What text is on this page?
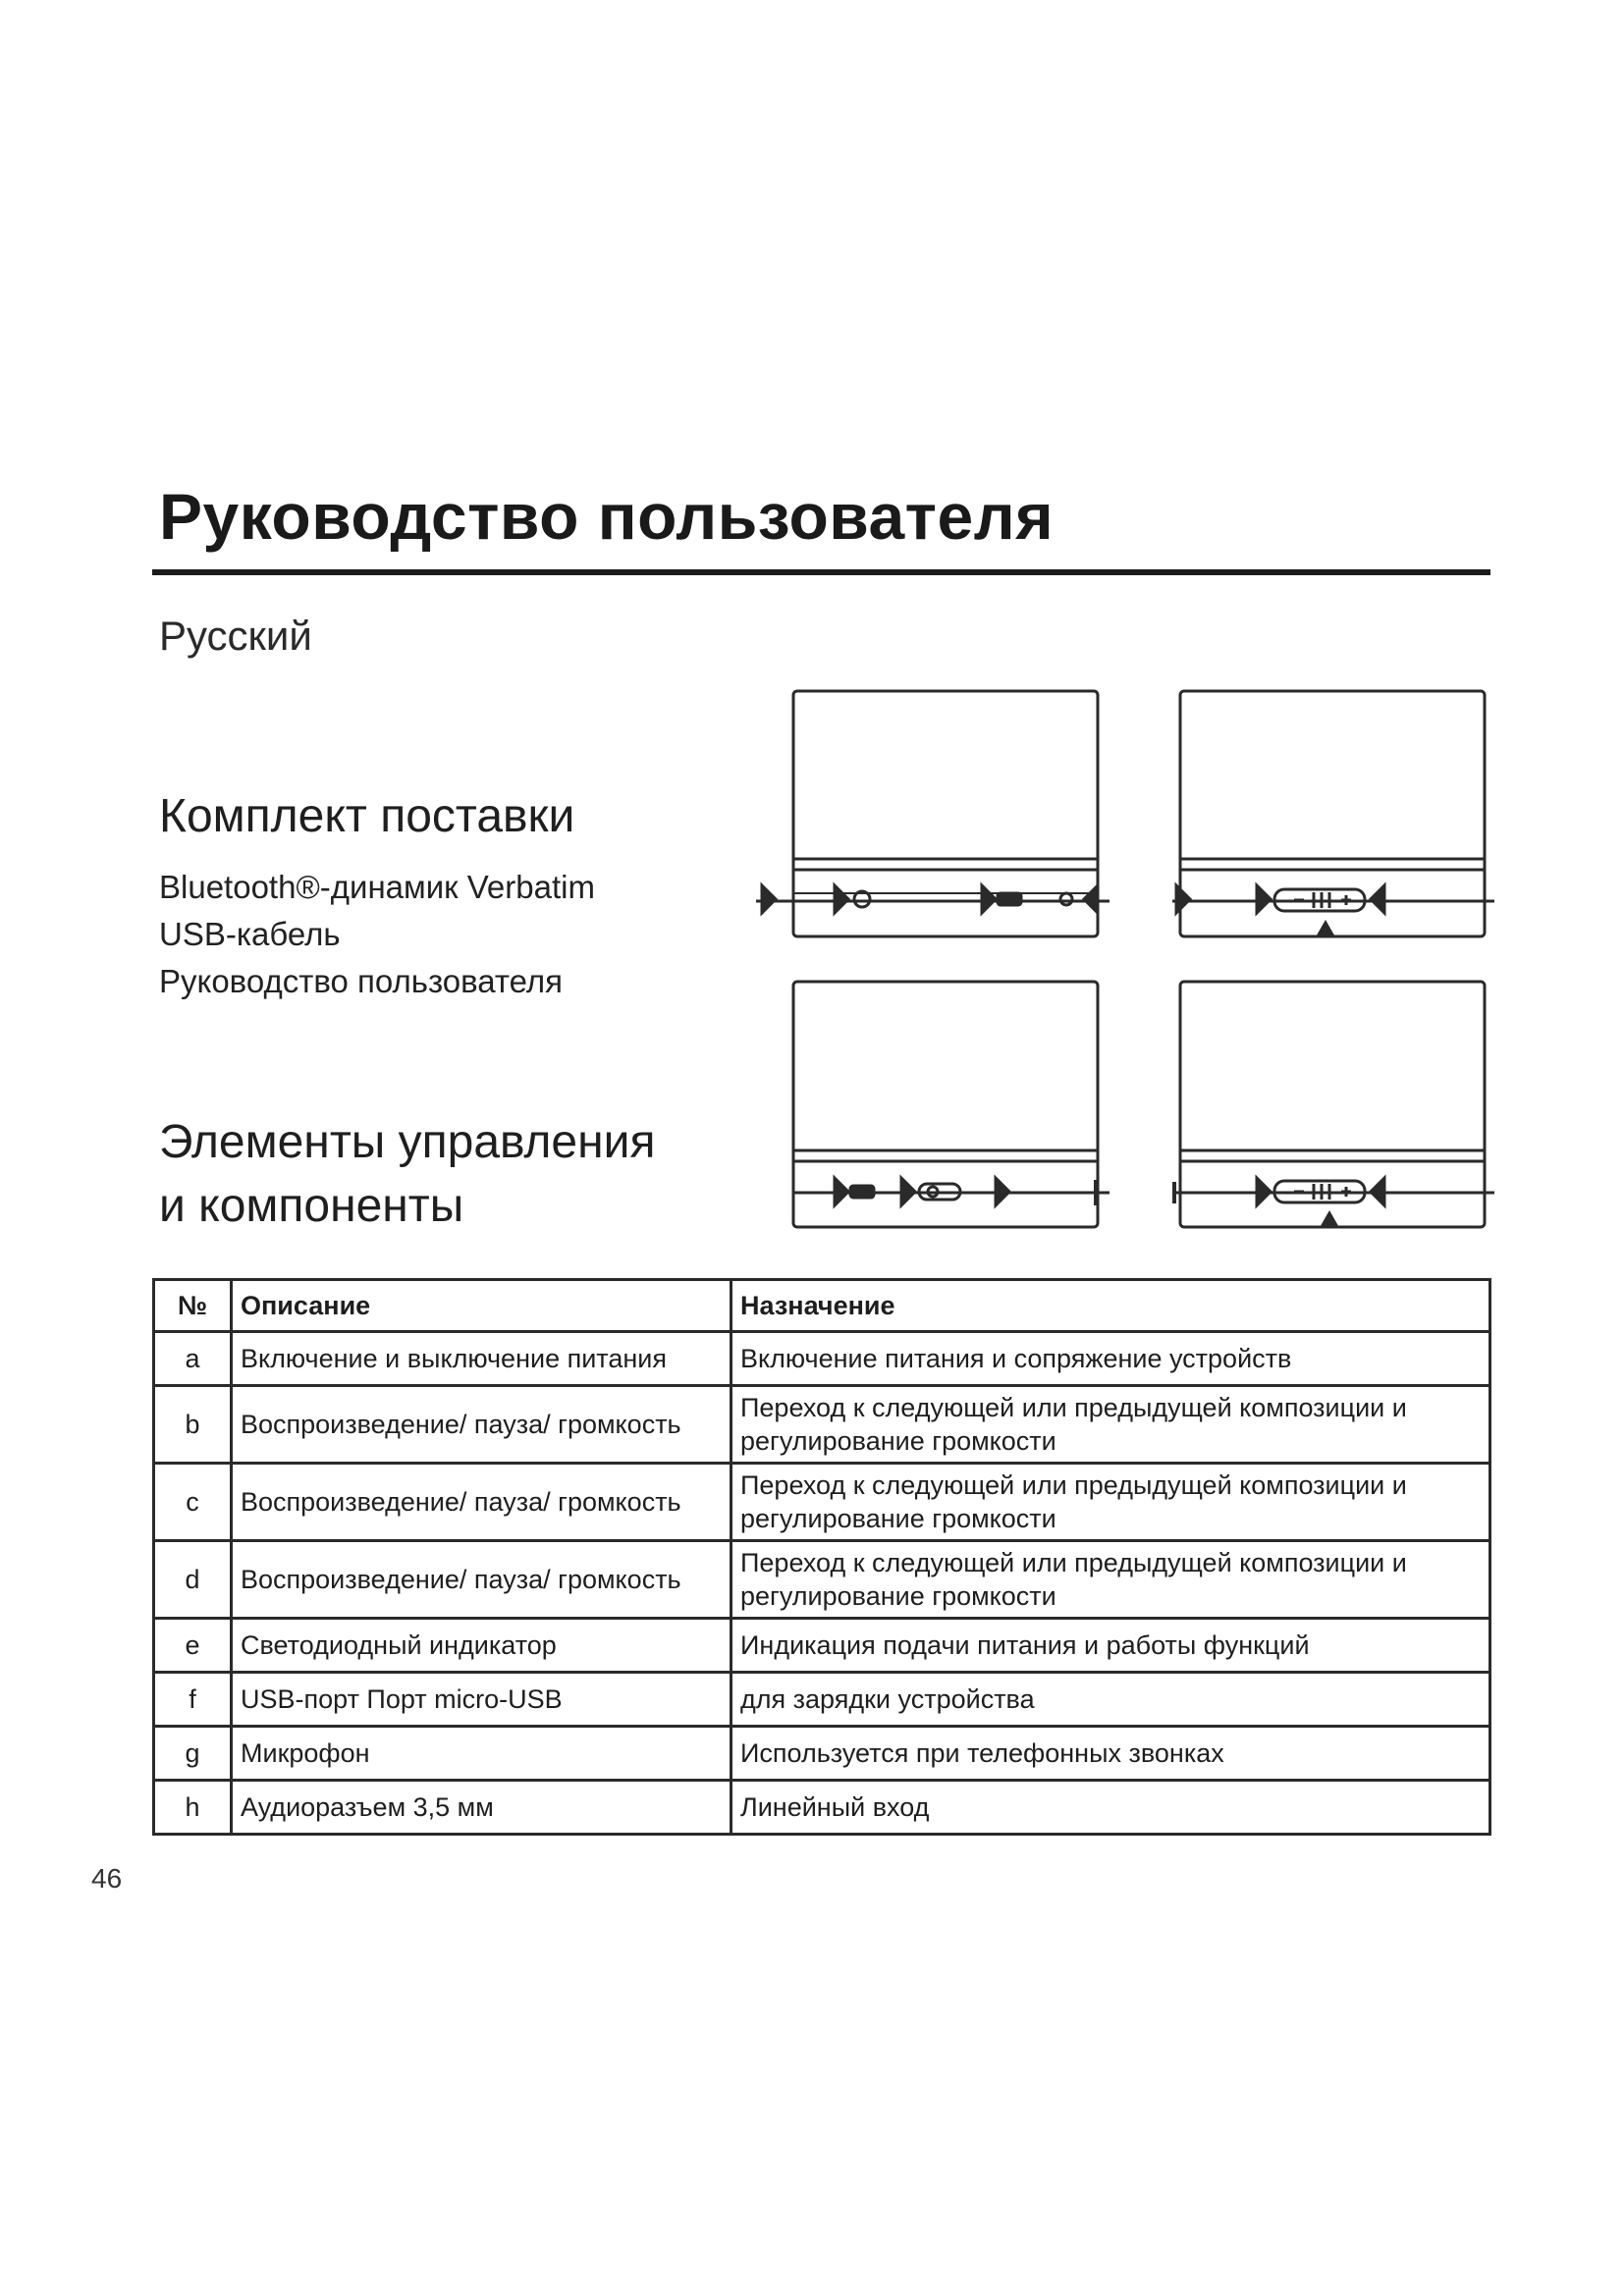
Руководство пользователя
Русский
Комплект поставки
Bluetooth®-динамик Verbatim
USB-кабель
Руководство пользователя
Элементы управления
и компоненты
№	Описание	Назначение
a	Включение и выключение питания	Включение питания и сопряжение устройств
b	Воспроизведение/ пауза/ громкость	Переход к следующей или предыдущей композиции и регулирование громкости
c	Воспроизведение/ пауза/ громкость	Переход к следующей или предыдущей композиции и регулирование громкости
d	Воспроизведение/ пауза/ громкость	Переход к следующей или предыдущей композиции и регулирование громкости
e	Светодиодный индикатор	Индикация подачи питания и работы функций
f	USB-порт Порт micro-USB	для зарядки устройства
g	Микрофон	Используется при телефонных звонках
h	Аудиоразъем 3,5 мм	Линейный вход
46
